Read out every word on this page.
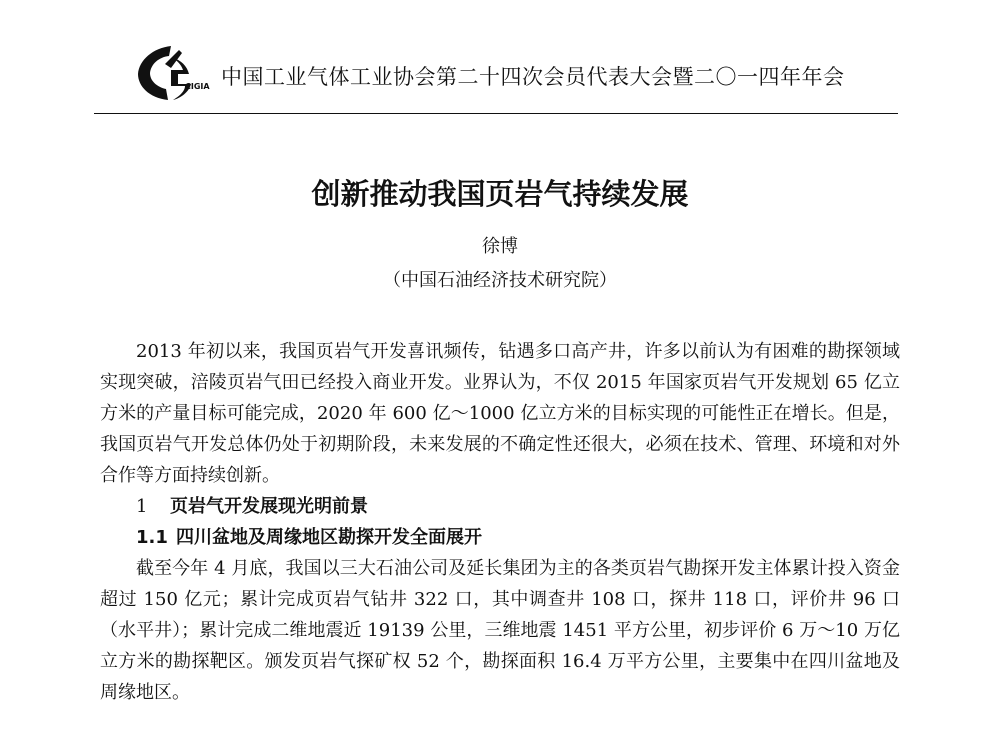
CIGIA 中国工业气体工业协会第二十四次会员代表大会暨二〇一四年年会
创新推动我国页岩气持续发展
徐博
（中国石油经济技术研究院）

2013 年初以来，我国页岩气开发喜讯频传，钻遇多口高产井，许多以前认为有困难的勘探领域实现突破，涪陵页岩气田已经投入商业开发。业界认为，不仅 2015 年国家页岩气开发规划 65 亿立方米的产量目标可能完成，2020 年 600 亿～1000 亿立方米的目标实现的可能性正在增长。但是，我国页岩气开发总体仍处于初期阶段，未来发展的不确定性还很大，必须在技术、管理、环境和对外合作等方面持续创新。

1 页岩气开发展现光明前景

1.1 四川盆地及周缘地区勘探开发全面展开

截至今年 4 月底，我国以三大石油公司及延长集团为主的各类页岩气勘探开发主体累计投入资金超过 150 亿元；累计完成页岩气钻井 322 口，其中调查井 108 口，探井 118 口，评价井 96 口（水平井）；累计完成二维地震近 19139 公里，三维地震 1451 平方公里，初步评价 6 万～10 万亿立方米的勘探靶区。颁发页岩气探矿权 52 个，勘探面积 16.4 万平方公里，主要集中在四川盆地及周缘地区。
